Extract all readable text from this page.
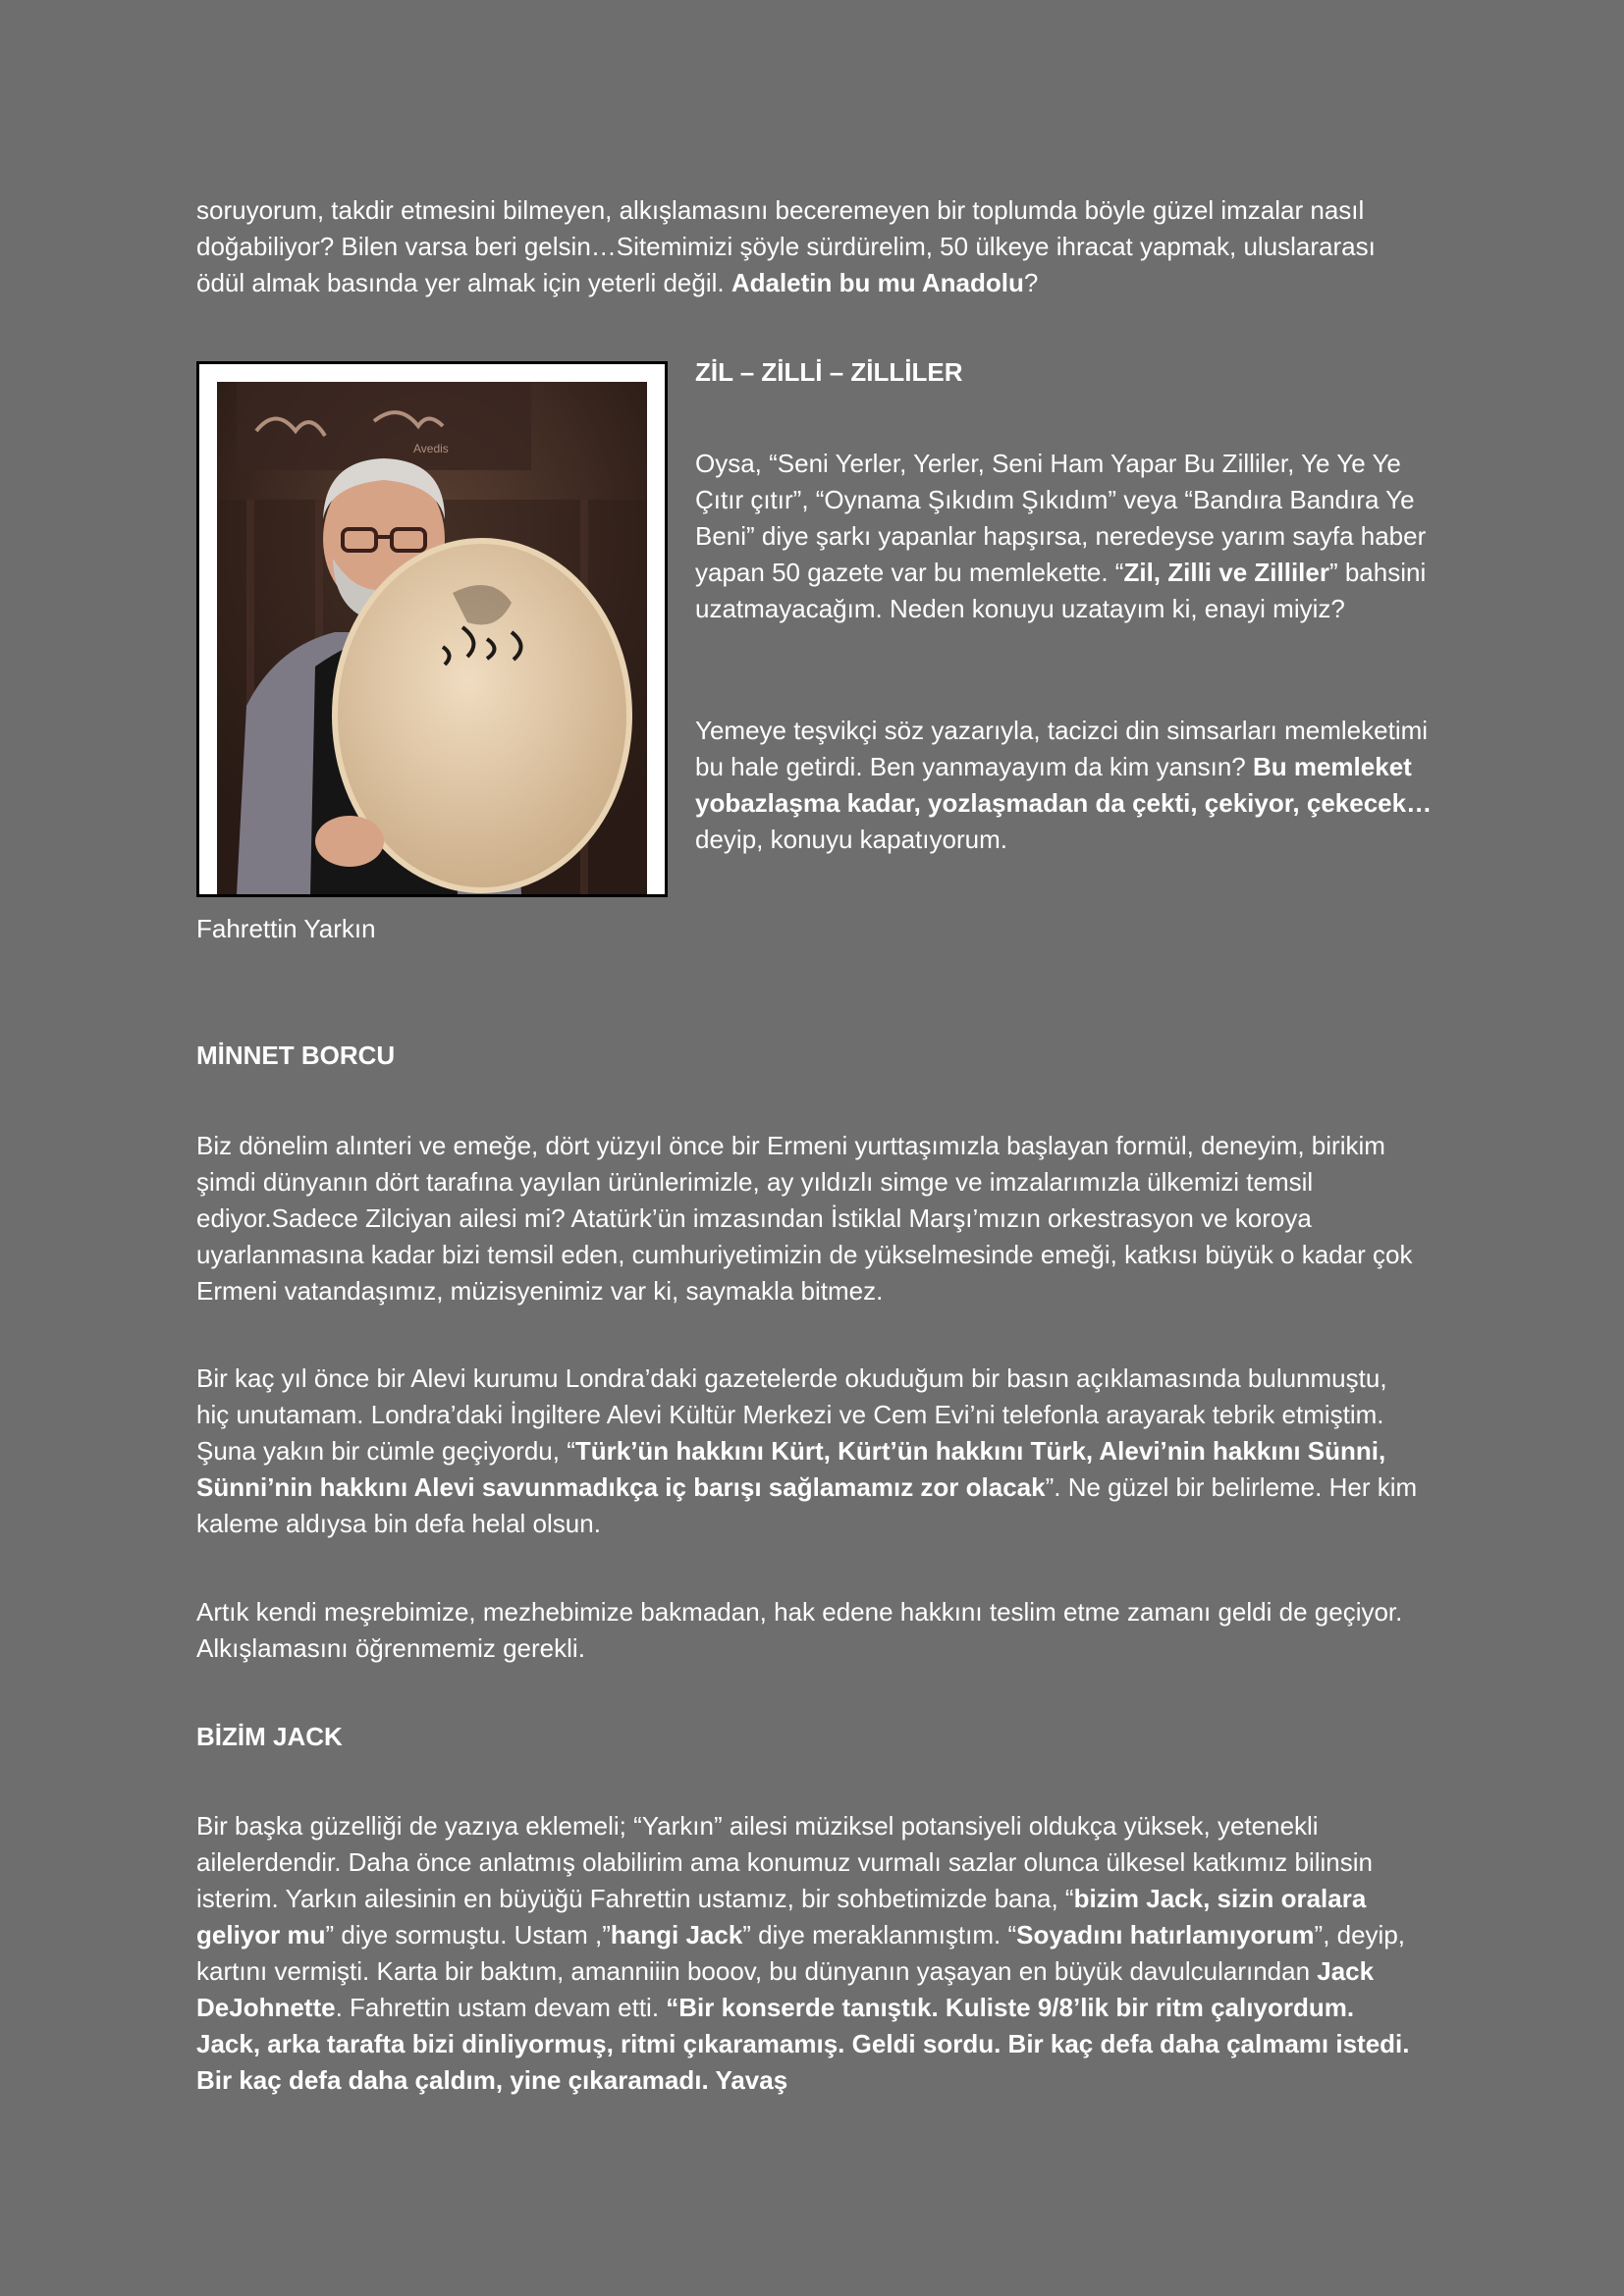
soruyorum, takdir etmesini bilmeyen, alkışlamasını beceremeyen bir toplumda böyle güzel imzalar nasıl doğabiliyor? Bilen varsa beri gelsin…Sitemimizi şöyle sürdürelim, 50 ülkeye ihracat yapmak, uluslararası ödül almak basında yer almak için yeterli değil. Adaletin bu mu Anadolu?

Avedis

Fahrettin Yarkın

ZİL – ZİLLİ – ZİLLİLER

Oysa, “Seni Yerler, Yerler, Seni Ham Yapar Bu Zilliler, Ye Ye Ye Çıtır çıtır”, “Oynama Şıkıdım Şıkıdım” veya “Bandıra Bandıra Ye Beni” diye şarkı yapanlar hapşırsa, neredeyse yarım sayfa haber yapan 50 gazete var bu memlekette. “Zil, Zilli ve Zilliler” bahsini uzatmayacağım. Neden konuyu uzatayım ki, enayi miyiz?

Yemeye teşvikçi söz yazarıyla, tacizci din simsarları memleketimi bu hale getirdi. Ben yanmayayım da kim yansın? Bu memleket yobazlaşma kadar, yozlaşmadan da çekti, çekiyor, çekecek… deyip, konuyu kapatıyorum.

MİNNET BORCU

Biz dönelim alınteri ve emeğe, dört yüzyıl önce bir Ermeni yurttaşımızla başlayan formül, deneyim, birikim şimdi dünyanın dört tarafına yayılan ürünlerimizle, ay yıldızlı simge ve imzalarımızla ülkemizi temsil ediyor.Sadece Zilciyan ailesi mi? Atatürk’ün imzasından İstiklal Marşı’mızın orkestrasyon ve koroya uyarlanmasına kadar bizi temsil eden, cumhuriyetimizin de yükselmesinde emeği, katkısı büyük o kadar çok Ermeni vatandaşımız, müzisyenimiz var ki, saymakla bitmez.

Bir kaç yıl önce bir Alevi kurumu Londra’daki gazetelerde okuduğum bir basın açıklamasında bulunmuştu, hiç unutamam. Londra’daki İngiltere Alevi Kültür Merkezi ve Cem Evi’ni telefonla arayarak tebrik etmiştim. Şuna yakın bir cümle geçiyordu, “Türk’ün hakkını Kürt, Kürt’ün hakkını Türk, Alevi’nin hakkını Sünni, Sünni’nin hakkını Alevi savunmadıkça iç barışı sağlamamız zor olacak”. Ne güzel bir belirleme. Her kim kaleme aldıysa bin defa helal olsun.

Artık kendi meşrebimize, mezhebimize bakmadan, hak edene hakkını teslim etme zamanı geldi de geçiyor. Alkışlamasını öğrenmemiz gerekli.

BİZİM JACK

Bir başka güzelliği de yazıya eklemeli; “Yarkın” ailesi müziksel potansiyeli oldukça yüksek, yetenekli ailelerdendir. Daha önce anlatmış olabilirim ama konumuz vurmalı sazlar olunca ülkesel katkımız bilinsin isterim. Yarkın ailesinin en büyüğü Fahrettin ustamız, bir sohbetimizde bana, “bizim Jack, sizin oralara geliyor mu” diye sormuştu. Ustam ,”hangi Jack” diye meraklanmıştım. “Soyadını hatırlamıyorum”, deyip, kartını vermişti. Karta bir baktım, amanniiin booov, bu dünyanın yaşayan en büyük davulcularından Jack DeJohnette. Fahrettin ustam devam etti. “Bir konserde tanıştık. Kuliste 9/8’lik bir ritm çalıyordum. Jack, arka tarafta bizi dinliyormuş, ritmi çıkaramamış. Geldi sordu. Bir kaç defa daha çalmamı istedi. Bir kaç defa daha çaldım, yine çıkaramadı. Yavaş
